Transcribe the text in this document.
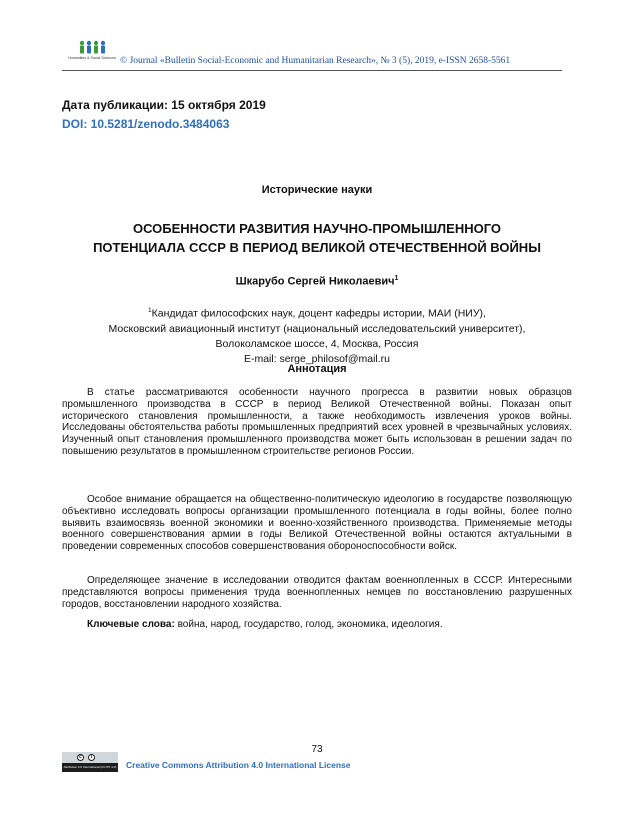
Humanities & Social Sciences © Journal «Bulletin Social-Economic and Humanitarian Research», № 3 (5), 2019, e-ISSN 2658-5561
Дата публикации: 15 октября 2019
DOI: 10.5281/zenodo.3484063
Исторические науки
ОСОБЕННОСТИ РАЗВИТИЯ НАУЧНО-ПРОМЫШЛЕННОГО
ПОТЕНЦИАЛА СССР В ПЕРИОД ВЕЛИКОЙ ОТЕЧЕСТВЕННОЙ ВОЙНЫ
Шкарубо Сергей Николаевич$^1$
$^1$Кандидат философских наук, доцент кафедры истории, МАИ (НИУ),
Московский авиационный институт (национальный исследовательский университет),
Волоколамское шоссе, 4, Москва, Россия
E-mail: serge_philosof@mail.ru
Аннотация

В статье рассматриваются особенности научного прогресса в развитии новых образцов промышленного производства в СССР в период Великой Отечественной войны. Показан опыт исторического становления промышленности, а также необходимость извлечения уроков войны. Исследованы обстоятельства работы промышленных предприятий всех уровней в чрезвычайных условиях. Изученный опыт становления промышленного производства может быть использован в решении задач по повышению результатов в промышленном строительстве регионов России.

Особое внимание обращается на общественно-политическую идеологию в государстве позволяющую объективно исследовать вопросы организации промышленного потенциала в годы войны, более полно выявить взаимосвязь военной экономики и военно-хозяйственного производства. Применяемые методы военного совершенствования армии в годы Великой Отечественной войны остаются актуальными в проведении современных способов совершенствования обороноспособности войск.

Определяющее значение в исследовании отводится фактам военнопленных в СССР. Интересными представляются вопросы применения труда военнопленных немцев по восстановлению разрушенных городов, восстановлении народного хозяйства.

Ключевые слова: война, народ, государство, голод, экономика, идеология.
73
c	i
Attribution 4.0 International (CC BY 4.0) Creative Commons Attribution 4.0 International License
